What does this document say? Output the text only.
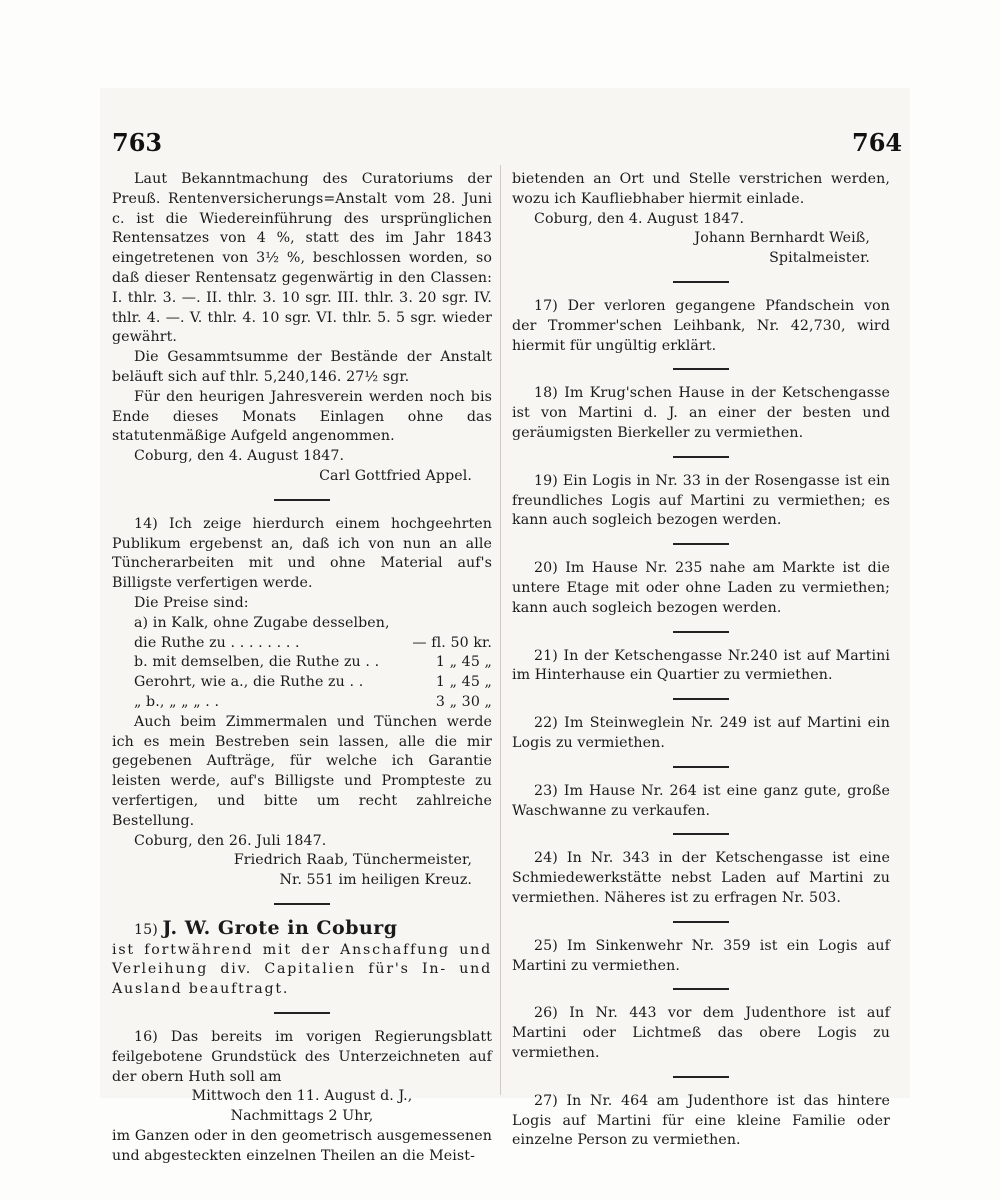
763	764

Laut Bekanntmachung des Curatoriums der Preuß. Rentenversicherungs=Anstalt vom 28. Juni c. ist die Wiedereinführung des ursprünglichen Rentensatzes von 4 %, statt des im Jahr 1843 eingetretenen von 3½ %, beschlossen worden, so daß dieser Rentensatz gegenwärtig in den Classen: I. thlr. 3. —. II. thlr. 3. 10 sgr. III. thlr. 3. 20 sgr. IV. thlr. 4. —. V. thlr. 4. 10 sgr. VI. thlr. 5. 5 sgr. wieder gewährt.

Die Gesammtsumme der Bestände der Anstalt beläuft sich auf thlr. 5,240,146. 27½ sgr.

Für den heurigen Jahresverein werden noch bis Ende dieses Monats Einlagen ohne das statutenmäßige Aufgeld angenommen.

Coburg, den 4. August 1847.

Carl Gottfried Appel.

14) Ich zeige hierdurch einem hochgeehrten Publikum ergebenst an, daß ich von nun an alle Tüncherarbeiten mit und ohne Material auf's Billigste verfertigen werde.

Die Preise sind:

a) in Kalk, ohne Zugabe desselben,
die Ruthe zu . . . . . . . .	— fl. 50 kr.
b. mit demselben, die Ruthe zu . .	1 „ 45 „
Gerohrt, wie a., die Ruthe zu . .	1 „ 45 „
„ b., „ „ „ . .	3 „ 30 „

Auch beim Zimmermalen und Tünchen werde ich es mein Bestreben sein lassen, alle die mir gegebenen Aufträge, für welche ich Garantie leisten werde, auf's Billigste und Prompteste zu verfertigen, und bitte um recht zahlreiche Bestellung.

Coburg, den 26. Juli 1847.

Friedrich Raab, Tünchermeister,

Nr. 551 im heiligen Kreuz.

15) J. W. Grote in Coburg

ist fortwährend mit der Anschaffung und Verleihung div. Capitalien für's In- und Ausland beauftragt.

16) Das bereits im vorigen Regierungsblatt feilgebotene Grundstück des Unterzeichneten auf der obern Huth soll am

Mittwoch den 11. August d. J.,

Nachmittags 2 Uhr,

im Ganzen oder in den geometrisch ausgemessenen und abgesteckten einzelnen Theilen an die Meist-

bietenden an Ort und Stelle verstrichen werden, wozu ich Kaufliebhaber hiermit einlade.

Coburg, den 4. August 1847.

Johann Bernhardt Weiß,

Spitalmeister.

17) Der verloren gegangene Pfandschein von der Trommer'schen Leihbank, Nr. 42,730, wird hiermit für ungültig erklärt.

18) Im Krug'schen Hause in der Ketschengasse ist von Martini d. J. an einer der besten und geräumigsten Bierkeller zu vermiethen.

19) Ein Logis in Nr. 33 in der Rosengasse ist ein freundliches Logis auf Martini zu vermiethen; es kann auch sogleich bezogen werden.

20) Im Hause Nr. 235 nahe am Markte ist die untere Etage mit oder ohne Laden zu vermiethen; kann auch sogleich bezogen werden.

21) In der Ketschengasse Nr.240 ist auf Martini im Hinterhause ein Quartier zu vermiethen.

22) Im Steinweglein Nr. 249 ist auf Martini ein Logis zu vermiethen.

23) Im Hause Nr. 264 ist eine ganz gute, große Waschwanne zu verkaufen.

24) In Nr. 343 in der Ketschengasse ist eine Schmiedewerkstätte nebst Laden auf Martini zu vermiethen. Näheres ist zu erfragen Nr. 503.

25) Im Sinkenwehr Nr. 359 ist ein Logis auf Martini zu vermiethen.

26) In Nr. 443 vor dem Judenthore ist auf Martini oder Lichtmeß das obere Logis zu vermiethen.

27) In Nr. 464 am Judenthore ist das hintere Logis auf Martini für eine kleine Familie oder einzelne Person zu vermiethen.
